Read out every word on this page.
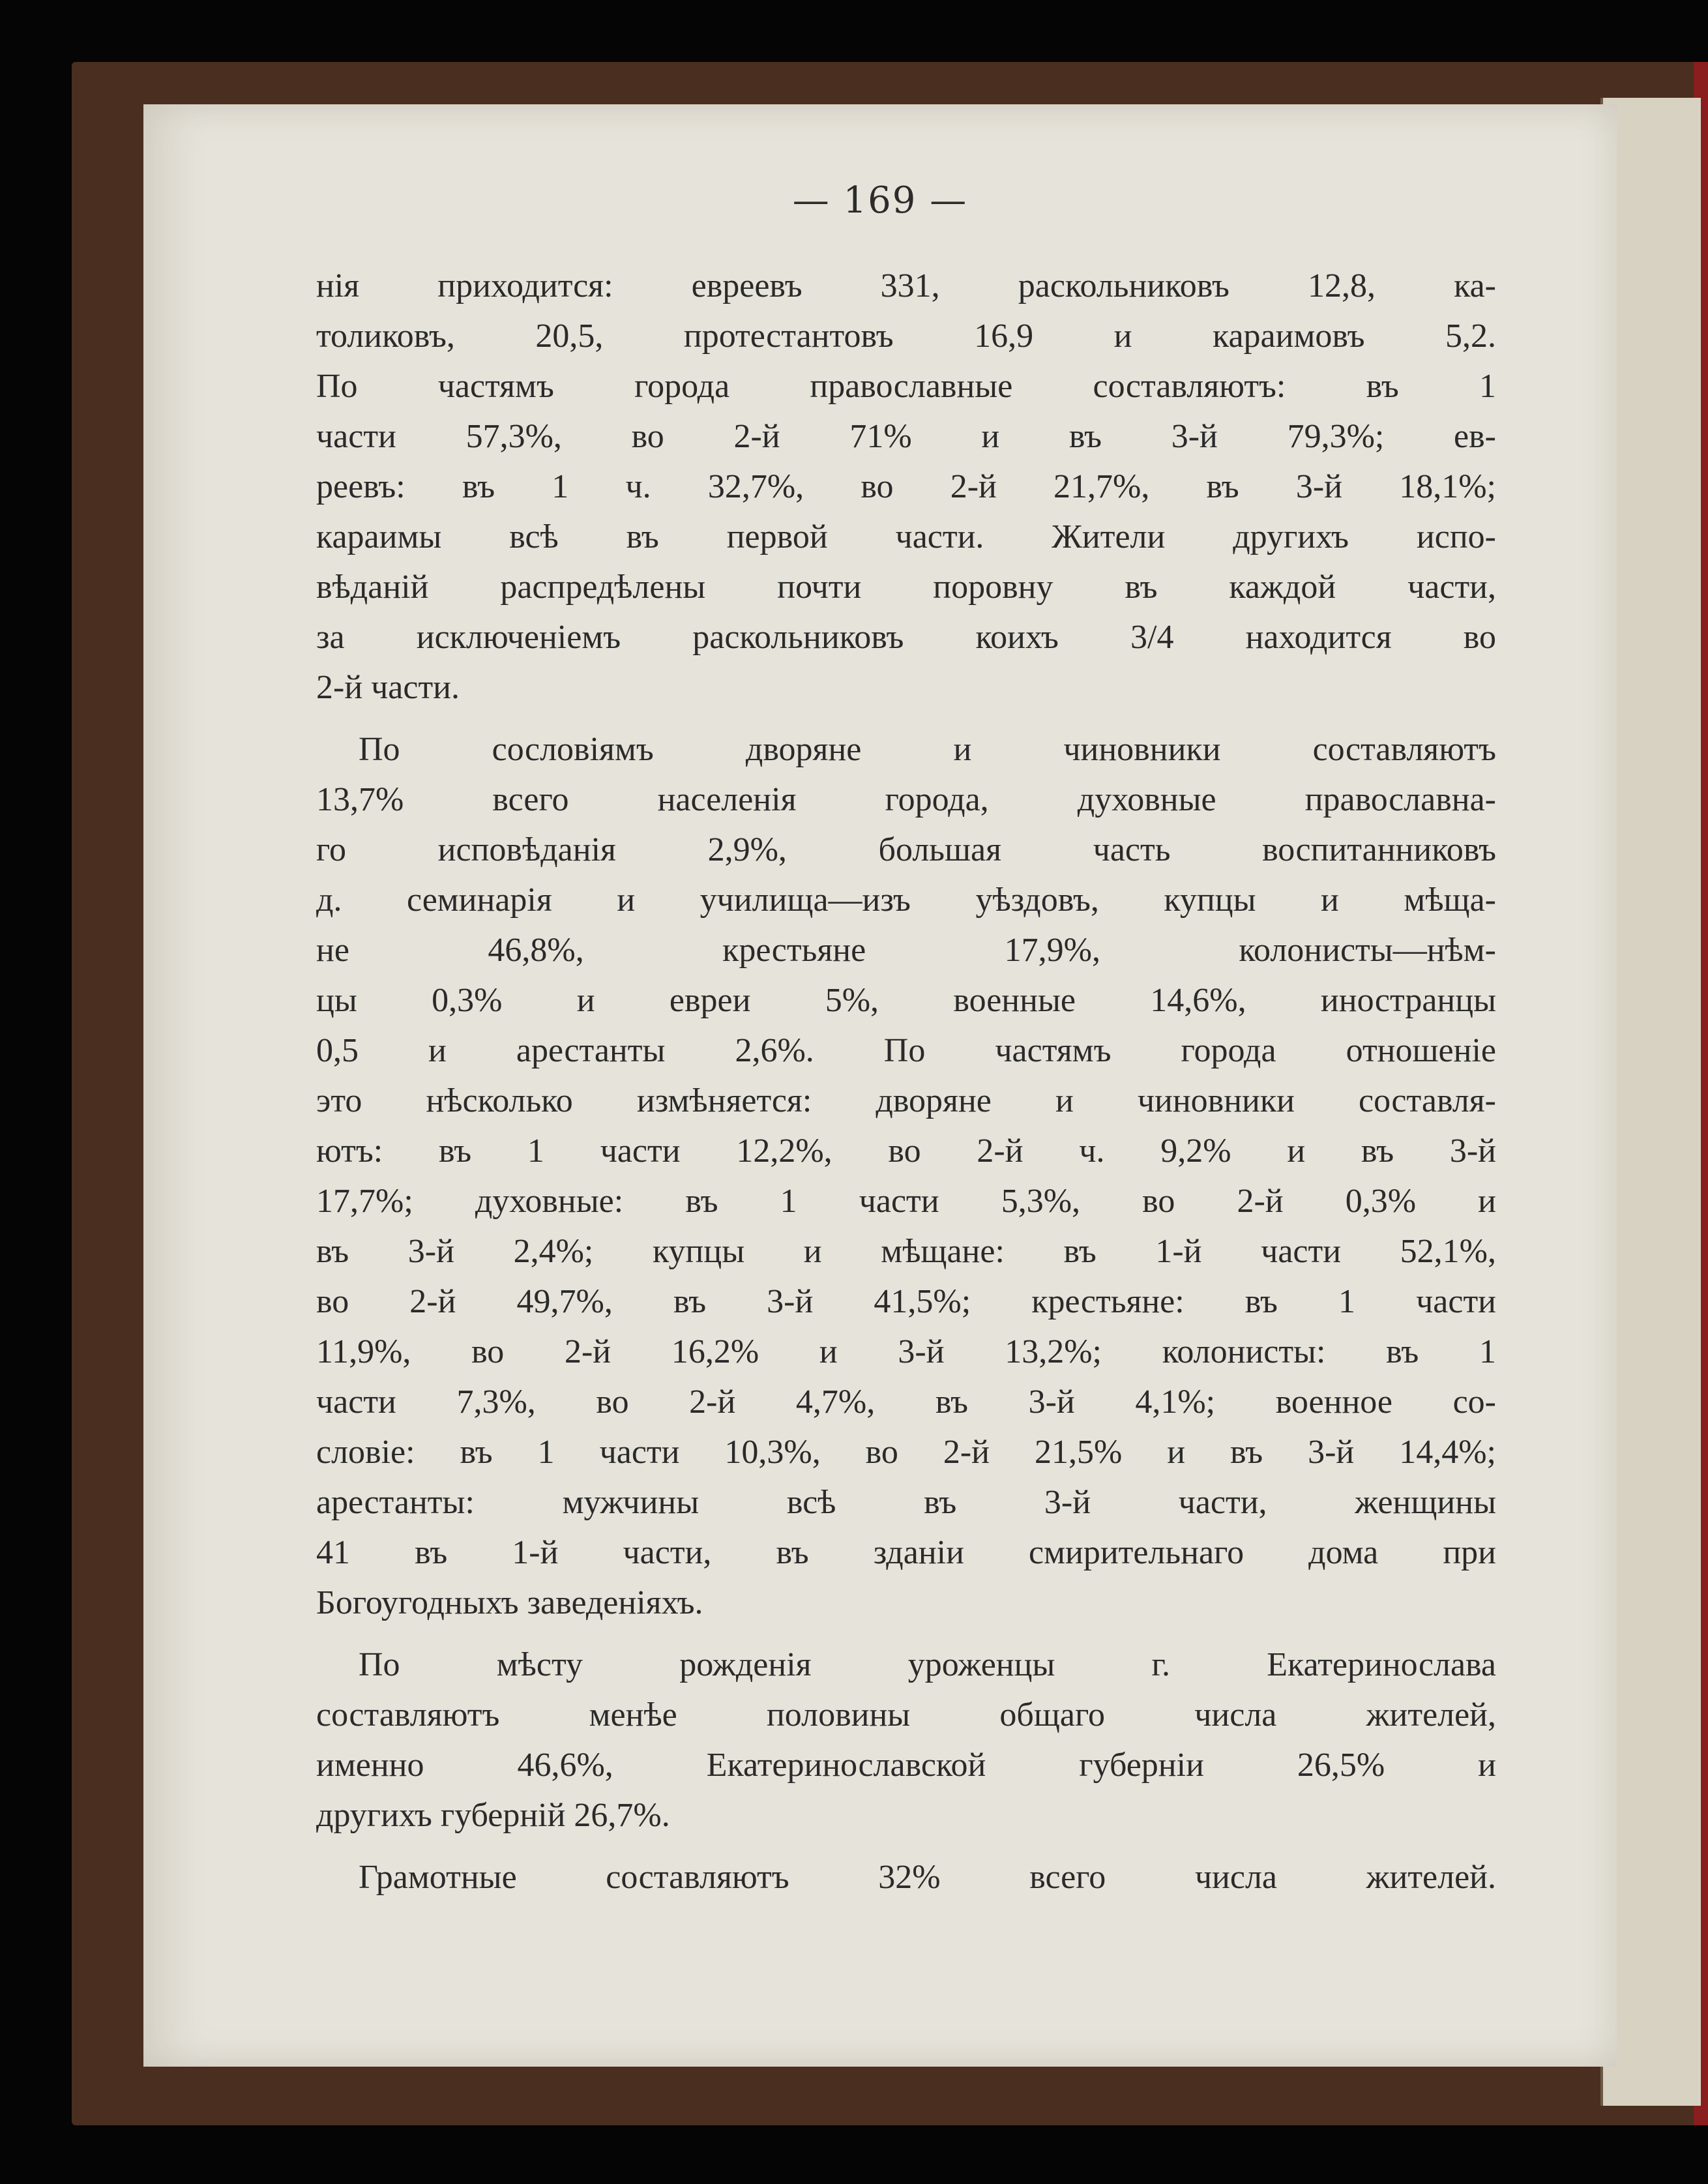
— 169 —
нія приходится: евреевъ 331, раскольниковъ 12,8, ка-
толиковъ, 20,5, протестантовъ 16,9 и караимовъ 5,2.
По частямъ города православные составляютъ: въ 1
части 57,3%, во 2-й 71% и въ 3-й 79,3%; ев-
реевъ: въ 1 ч. 32,7%, во 2-й 21,7%, въ 3-й 18,1%;
караимы всѣ въ первой части. Жители другихъ испо-
вѣданій распредѣлены почти поровну въ каждой части,
за исключеніемъ раскольниковъ коихъ 3/4 находится во
2-й части.
По сословіямъ дворяне и чиновники составляютъ
13,7% всего населенія города, духовные православна-
го исповѣданія 2,9%, большая часть воспитанниковъ
д. семинарія и училища—изъ уѣздовъ, купцы и мѣща-
не 46,8%, крестьяне 17,9%, колонисты—нѣм-
цы 0,3% и евреи 5%, военные 14,6%, иностранцы
0,5 и арестанты 2,6%. По частямъ города отношеніе
это нѣсколько измѣняется: дворяне и чиновники составля-
ютъ: въ 1 части 12,2%, во 2-й ч. 9,2% и въ 3-й
17,7%; духовные: въ 1 части 5,3%, во 2-й 0,3% и
въ 3-й 2,4%; купцы и мѣщане: въ 1-й части 52,1%,
во 2-й 49,7%, въ 3-й 41,5%; крестьяне: въ 1 части
11,9%, во 2-й 16,2% и 3-й 13,2%; колонисты: въ 1
части 7,3%, во 2-й 4,7%, въ 3-й 4,1%; военное со-
словіе: въ 1 части 10,3%, во 2-й 21,5% и въ 3-й 14,4%;
арестанты: мужчины всѣ въ 3-й части, женщины
41 въ 1-й части, въ зданіи смирительнаго дома при
Богоугодныхъ заведеніяхъ.
По мѣсту рожденія уроженцы г. Екатеринослава
составляютъ менѣе половины общаго числа жителей,
именно 46,6%, Екатеринославской губерніи 26,5% и
другихъ губерній 26,7%.
Грамотные составляютъ 32% всего числа жителей.
